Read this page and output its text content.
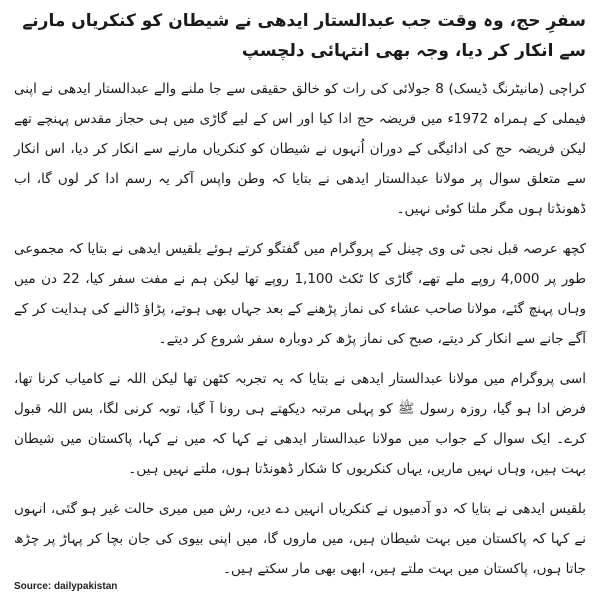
سفرِ حج، وہ وقت جب عبدالستار ایدھی نے شیطان کو کنکریاں مارنے سے انکار کر دیا، وجہ بھی انتہائی دلچسپ

کراچی (مانیٹرنگ ڈیسک) 8 جولائی کی رات کو خالق حقیقی سے جا ملنے والے عبدالستار ایدھی نے اپنی فیملی کے ہمراہ 1972ء میں فریضہ حج ادا کیا اور اس کے لیے گاڑی میں ہی حجاز مقدس پہنچے تھے لیکن فریضہ حج کی ادائیگی کے دوران اُنہوں نے شیطان کو کنکریاں مارنے سے انکار کر دیا، اس انکار سے متعلق سوال پر مولانا عبدالستار ایدھی نے بتایا کہ وطن واپس آکر یہ رسم ادا کر لوں گا، اب ڈھونڈتا ہوں مگر ملتا کوئی نہیں۔

کچھ عرصہ قبل نجی ٹی وی چینل کے پروگرام میں گفتگو کرتے ہوئے بلقیس ایدھی نے بتایا کہ مجموعی طور پر 4,000 روپے ملے تھے، گاڑی کا ٹکٹ 1,100 روپے تھا لیکن ہم نے مفت سفر کیا، 22 دن میں وہاں پہنچ گئے، مولانا صاحب عشاء کی نماز پڑھنے کے بعد جہاں بھی ہوتے، پڑاؤ ڈالنے کی ہدایت کر کے آگے جانے سے انکار کر دیتے، صبح کی نماز پڑھ کر دوبارہ سفر شروع کر دیتے۔

اسی پروگرام میں مولانا عبدالستار ایدھی نے بتایا کہ یہ تجربہ کٹھن تھا لیکن اللہ نے کامیاب کرنا تھا، فرض ادا ہو گیا، روزہ رسول ﷺ کو پہلی مرتبہ دیکھتے ہی رونا آ گیا، توبہ کرنی لگا، بس اللہ قبول کرے۔ ایک سوال کے جواب میں مولانا عبدالستار ایدھی نے کہا کہ میں نے کہا، پاکستان میں شیطان بہت ہیں، وہاں نہیں ماریں، یہاں کنکریوں کا شکار ڈھونڈتا ہوں، ملتے نہیں ہیں۔

بلقیس ایدھی نے بتایا کہ دو آدمیوں نے کنکریاں انہیں دے دیں، رش میں میری حالت غیر ہو گئی، انہوں نے کہا کہ پاکستان میں بہت شیطان ہیں، میں ماروں گا، میں اپنی بیوی کی جان بچا کر پہاڑ پر چڑھ جاتا ہوں، پاکستان میں بہت ملتے ہیں، ابھی بھی مار سکتے ہیں۔

Source: dailypakistan
